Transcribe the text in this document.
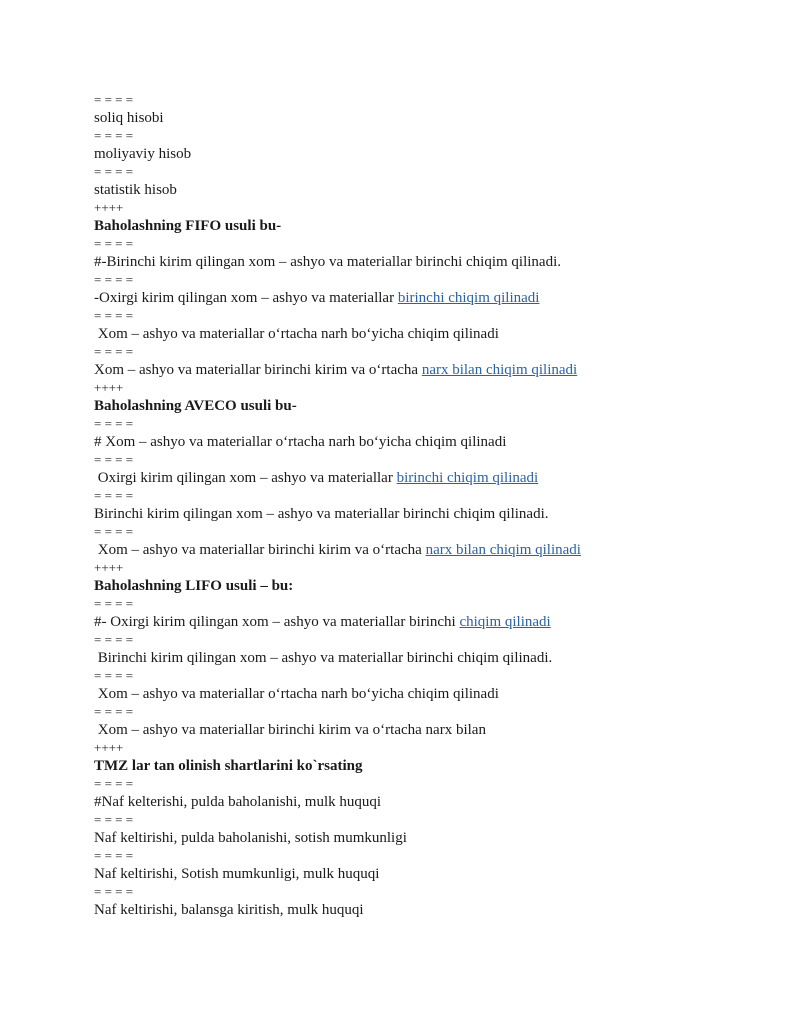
= = = =
soliq hisobi
= = = =
moliyaviy hisob
= = = =
statistik hisob
++++
Baholashning FIFO usuli bu-
= = = =
#-Birinchi kirim qilingan xom – ashyo va materiallar birinchi chiqim qilinadi.
= = = =
-Oxirgi kirim qilingan xom – ashyo va materiallar birinchi chiqim qilinadi
= = = =
Xom – ashyo va materiallar o‘rtacha narh bo‘yicha chiqim qilinadi
= = = =
Xom – ashyo va materiallar birinchi kirim va o‘rtacha narx bilan chiqim qilinadi
++++
Baholashning AVECO usuli bu-
= = = =
# Xom – ashyo va materiallar o‘rtacha narh bo‘yicha chiqim qilinadi
= = = =
Oxirgi kirim qilingan xom – ashyo va materiallar birinchi chiqim qilinadi
= = = =
Birinchi kirim qilingan xom – ashyo va materiallar birinchi chiqim qilinadi.
= = = =
Xom – ashyo va materiallar birinchi kirim va o‘rtacha narx bilan chiqim qilinadi
++++
Baholashning LIFO usuli – bu:
= = = =
#- Oxirgi kirim qilingan xom – ashyo va materiallar birinchi chiqim qilinadi
= = = =
Birinchi kirim qilingan xom – ashyo va materiallar birinchi chiqim qilinadi.
= = = =
Xom – ashyo va materiallar o‘rtacha narh bo‘yicha chiqim qilinadi
= = = =
Xom – ashyo va materiallar birinchi kirim va o‘rtacha narx bilan
++++
TMZ lar tan olinish shartlarini ko`rsating
= = = =
#Naf kelterishi, pulda baholanishi, mulk huquqi
= = = =
Naf keltirishi, pulda baholanishi, sotish mumkunligi
= = = =
Naf keltirishi, Sotish mumkunligi, mulk huquqi
= = = =
Naf keltirishi, balansga kiritish, mulk huquqi
